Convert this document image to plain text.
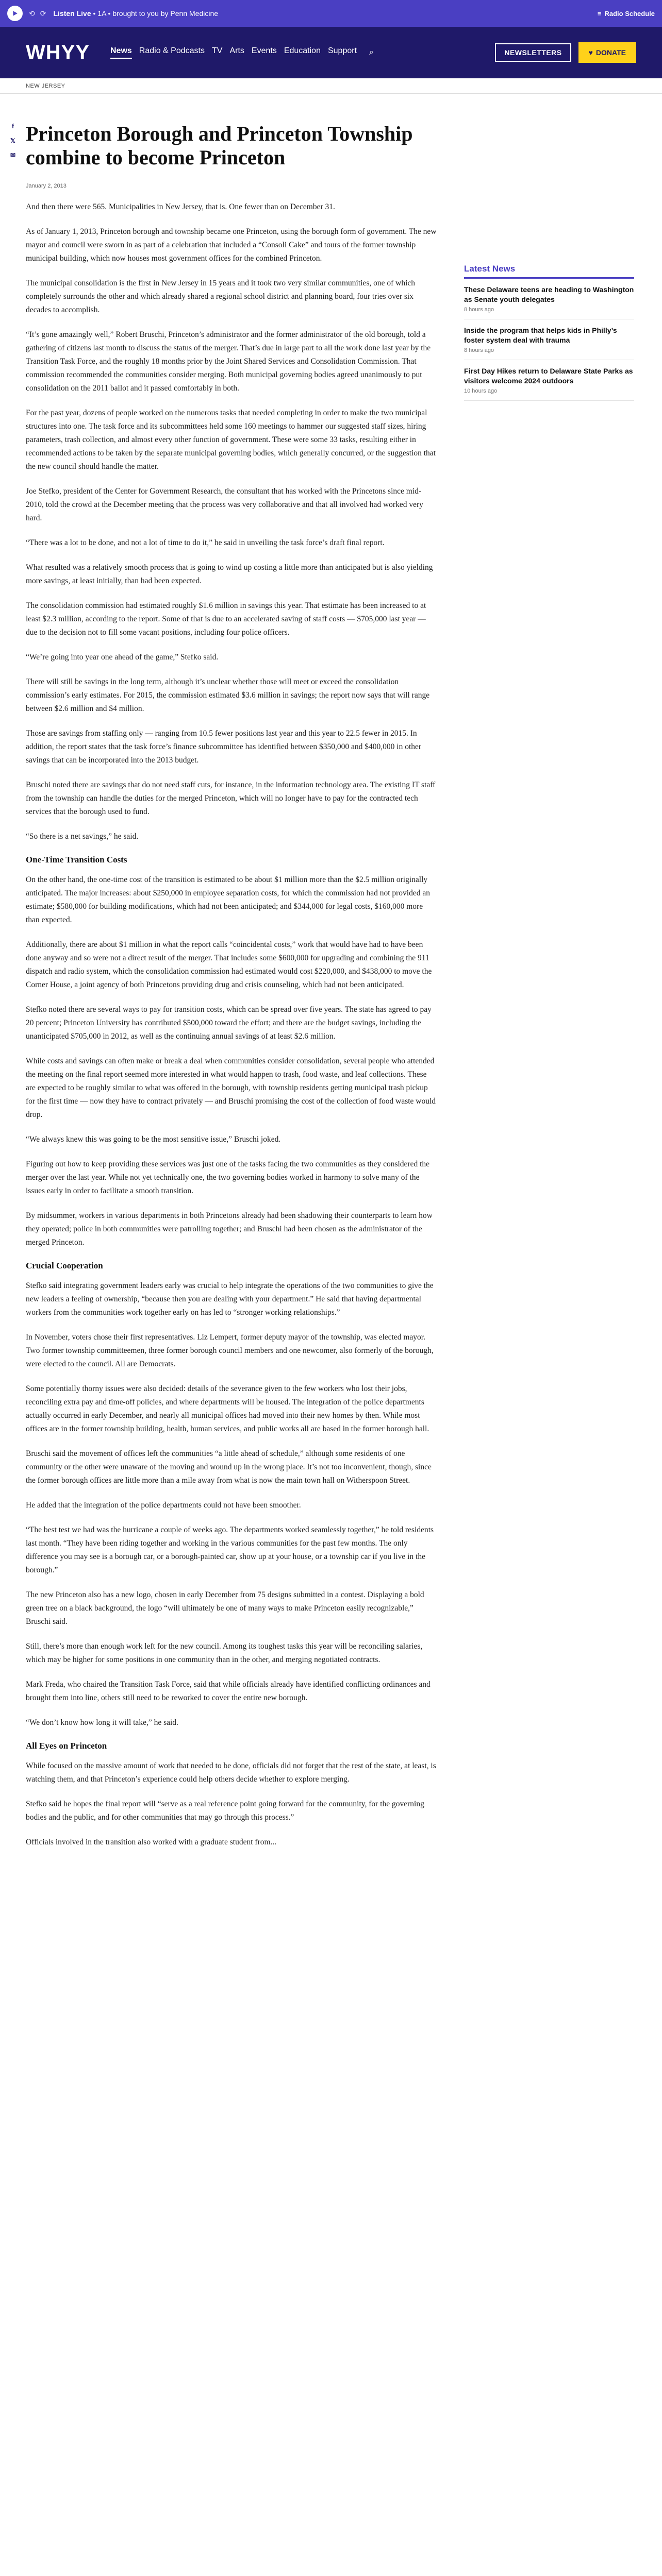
⟲ ⟳ Listen Live • 1A • brought to you by Penn Medicine	≡ Radio Schedule
WHYY	News Radio & Podcasts TV Arts Events Education Support ⌕	NEWSLETTERS	♥ DONATE
NEW JERSEY
f
𝕏
✉
Princeton Borough and Princeton Township combine to become Princeton
January 2, 2013

And then there were 565. Municipalities in New Jersey, that is. One fewer than on December 31.

As of January 1, 2013, Princeton borough and township became one Princeton, using the borough form of government. The new mayor and council were sworn in as part of a celebration that included a “Consoli Cake” and tours of the former township municipal building, which now houses most government offices for the combined Princeton.

The municipal consolidation is the first in New Jersey in 15 years and it took two very similar communities, one of which completely surrounds the other and which already shared a regional school district and planning board, four tries over six decades to accomplish.

“It’s gone amazingly well,” Robert Bruschi, Princeton’s administrator and the former administrator of the old borough, told a gathering of citizens last month to discuss the status of the merger. That’s due in large part to all the work done last year by the Transition Task Force, and the roughly 18 months prior by the Joint Shared Services and Consolidation Commission. That commission recommended the communities consider merging. Both municipal governing bodies agreed unanimously to put consolidation on the 2011 ballot and it passed comfortably in both.

For the past year, dozens of people worked on the numerous tasks that needed completing in order to make the two municipal structures into one. The task force and its subcommittees held some 160 meetings to hammer our suggested staff sizes, hiring parameters, trash collection, and almost every other function of government. These were some 33 tasks, resulting either in recommended actions to be taken by the separate municipal governing bodies, which generally concurred, or the suggestion that the new council should handle the matter.

Joe Stefko, president of the Center for Government Research, the consultant that has worked with the Princetons since mid-2010, told the crowd at the December meeting that the process was very collaborative and that all involved had worked very hard.

“There was a lot to be done, and not a lot of time to do it,” he said in unveiling the task force’s draft final report.

What resulted was a relatively smooth process that is going to wind up costing a little more than anticipated but is also yielding more savings, at least initially, than had been expected.

The consolidation commission had estimated roughly $1.6 million in savings this year. That estimate has been increased to at least $2.3 million, according to the report. Some of that is due to an accelerated saving of staff costs — $705,000 last year — due to the decision not to fill some vacant positions, including four police officers.

“We’re going into year one ahead of the game,” Stefko said.

There will still be savings in the long term, although it’s unclear whether those will meet or exceed the consolidation commission’s early estimates. For 2015, the commission estimated $3.6 million in savings; the report now says that will range between $2.6 million and $4 million.

Those are savings from staffing only — ranging from 10.5 fewer positions last year and this year to 22.5 fewer in 2015. In addition, the report states that the task force’s finance subcommittee has identified between $350,000 and $400,000 in other savings that can be incorporated into the 2013 budget.

Bruschi noted there are savings that do not need staff cuts, for instance, in the information technology area. The existing IT staff from the township can handle the duties for the merged Princeton, which will no longer have to pay for the contracted tech services that the borough used to fund.

“So there is a net savings,” he said.

One-Time Transition Costs

On the other hand, the one-time cost of the transition is estimated to be about $1 million more than the $2.5 million originally anticipated. The major increases: about $250,000 in employee separation costs, for which the commission had not provided an estimate; $580,000 for building modifications, which had not been anticipated; and $344,000 for legal costs, $160,000 more than expected.

Additionally, there are about $1 million in what the report calls “coincidental costs,” work that would have had to have been done anyway and so were not a direct result of the merger. That includes some $600,000 for upgrading and combining the 911 dispatch and radio system, which the consolidation commission had estimated would cost $220,000, and $438,000 to move the Corner House, a joint agency of both Princetons providing drug and crisis counseling, which had not been anticipated.

Stefko noted there are several ways to pay for transition costs, which can be spread over five years. The state has agreed to pay 20 percent; Princeton University has contributed $500,000 toward the effort; and there are the budget savings, including the unanticipated $705,000 in 2012, as well as the continuing annual savings of at least $2.6 million.

While costs and savings can often make or break a deal when communities consider consolidation, several people who attended the meeting on the final report seemed more interested in what would happen to trash, food waste, and leaf collections. These are expected to be roughly similar to what was offered in the borough, with township residents getting municipal trash pickup for the first time — now they have to contract privately — and Bruschi promising the cost of the collection of food waste would drop.

“We always knew this was going to be the most sensitive issue,” Bruschi joked.

Figuring out how to keep providing these services was just one of the tasks facing the two communities as they considered the merger over the last year. While not yet technically one, the two governing bodies worked in harmony to solve many of the issues early in order to facilitate a smooth transition.

By midsummer, workers in various departments in both Princetons already had been shadowing their counterparts to learn how they operated; police in both communities were patrolling together; and Bruschi had been chosen as the administrator of the merged Princeton.

Crucial Cooperation

Stefko said integrating government leaders early was crucial to help integrate the operations of the two communities to give the new leaders a feeling of ownership, “because then you are dealing with your department.” He said that having departmental workers from the communities work together early on has led to “stronger working relationships.”

In November, voters chose their first representatives. Liz Lempert, former deputy mayor of the township, was elected mayor. Two former township committeemen, three former borough council members and one newcomer, also formerly of the borough, were elected to the council. All are Democrats.

Some potentially thorny issues were also decided: details of the severance given to the few workers who lost their jobs, reconciling extra pay and time-off policies, and where departments will be housed. The integration of the police departments actually occurred in early December, and nearly all municipal offices had moved into their new homes by then. While most offices are in the former township building, health, human services, and public works all are based in the former borough hall.

Bruschi said the movement of offices left the communities “a little ahead of schedule,” although some residents of one community or the other were unaware of the moving and wound up in the wrong place. It’s not too inconvenient, though, since the former borough offices are little more than a mile away from what is now the main town hall on Witherspoon Street.

He added that the integration of the police departments could not have been smoother.

“The best test we had was the hurricane a couple of weeks ago. The departments worked seamlessly together,” he told residents last month. “They have been riding together and working in the various communities for the past few months. The only difference you may see is a borough car, or a borough-painted car, show up at your house, or a township car if you live in the borough.”

The new Princeton also has a new logo, chosen in early December from 75 designs submitted in a contest. Displaying a bold green tree on a black background, the logo “will ultimately be one of many ways to make Princeton easily recognizable,” Bruschi said.

Still, there’s more than enough work left for the new council. Among its toughest tasks this year will be reconciling salaries, which may be higher for some positions in one community than in the other, and merging negotiated contracts.

Mark Freda, who chaired the Transition Task Force, said that while officials already have identified conflicting ordinances and brought them into line, others still need to be reworked to cover the entire new borough.

“We don’t know how long it will take,” he said.

All Eyes on Princeton

While focused on the massive amount of work that needed to be done, officials did not forget that the rest of the state, at least, is watching them, and that Princeton’s experience could help others decide whether to explore merging.

Stefko said he hopes the final report will “serve as a real reference point going forward for the community, for the governing bodies and the public, and for other communities that may go through this process.”

Officials involved in the transition also worked with a graduate student from...

Latest News
These Delaware teens are heading to Washington as Senate youth delegates
8 hours ago
Inside the program that helps kids in Philly’s foster system deal with trauma
8 hours ago
First Day Hikes return to Delaware State Parks as visitors welcome 2024 outdoors
10 hours ago
